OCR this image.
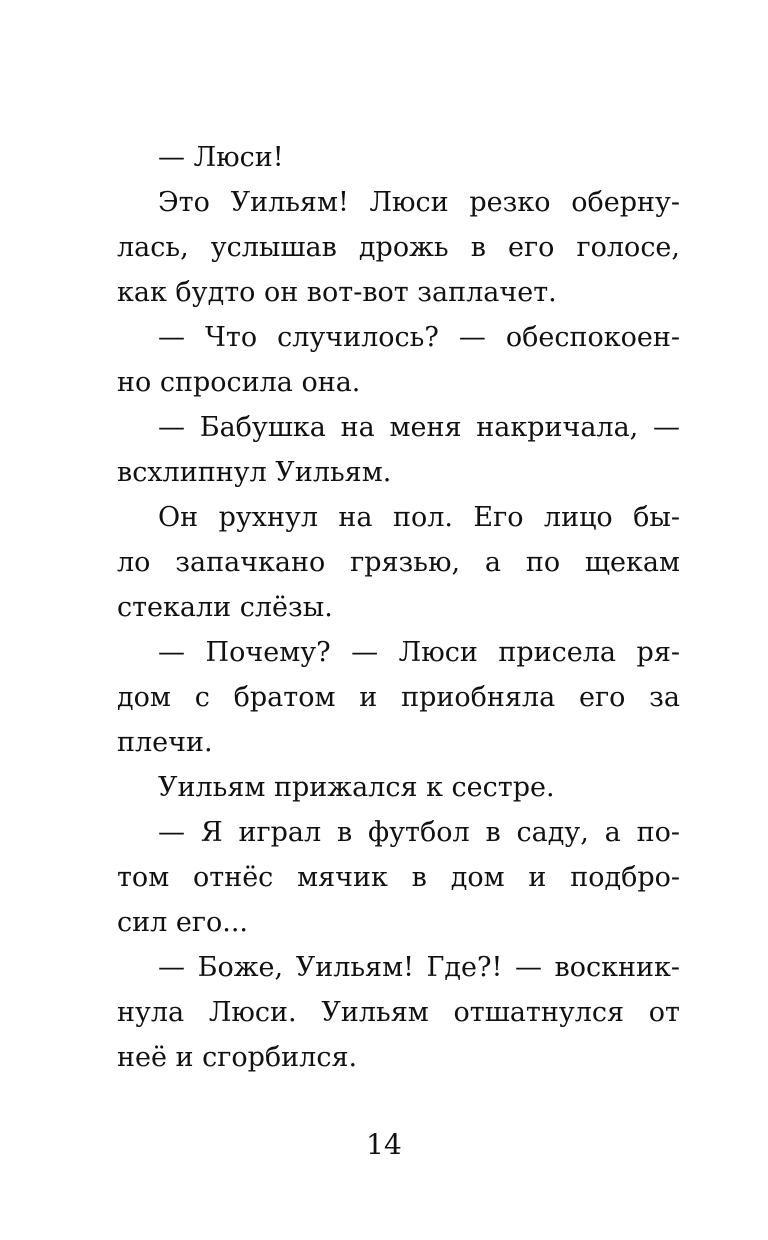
— Люси!
Это Уильям! Люси резко оберну-
лась, услышав дрожь в его голосе,
как будто он вот-вот заплачет.
— Что случилось? — обеспокоен-
но спросила она.
— Бабушка на меня накричала, —
всхлипнул Уильям.
Он рухнул на пол. Его лицо бы-
ло запачкано грязью, а по щекам
стекали слёзы.
— Почему? — Люси присела ря-
дом с братом и приобняла его за
плечи.
Уильям прижался к сестре.
— Я играл в футбол в саду, а по-
том отнёс мячик в дом и подбро-
сил его...
— Боже, Уильям! Где?! — воскник-
нула Люси. Уильям отшатнулся от
неё и сгорбился.
14
